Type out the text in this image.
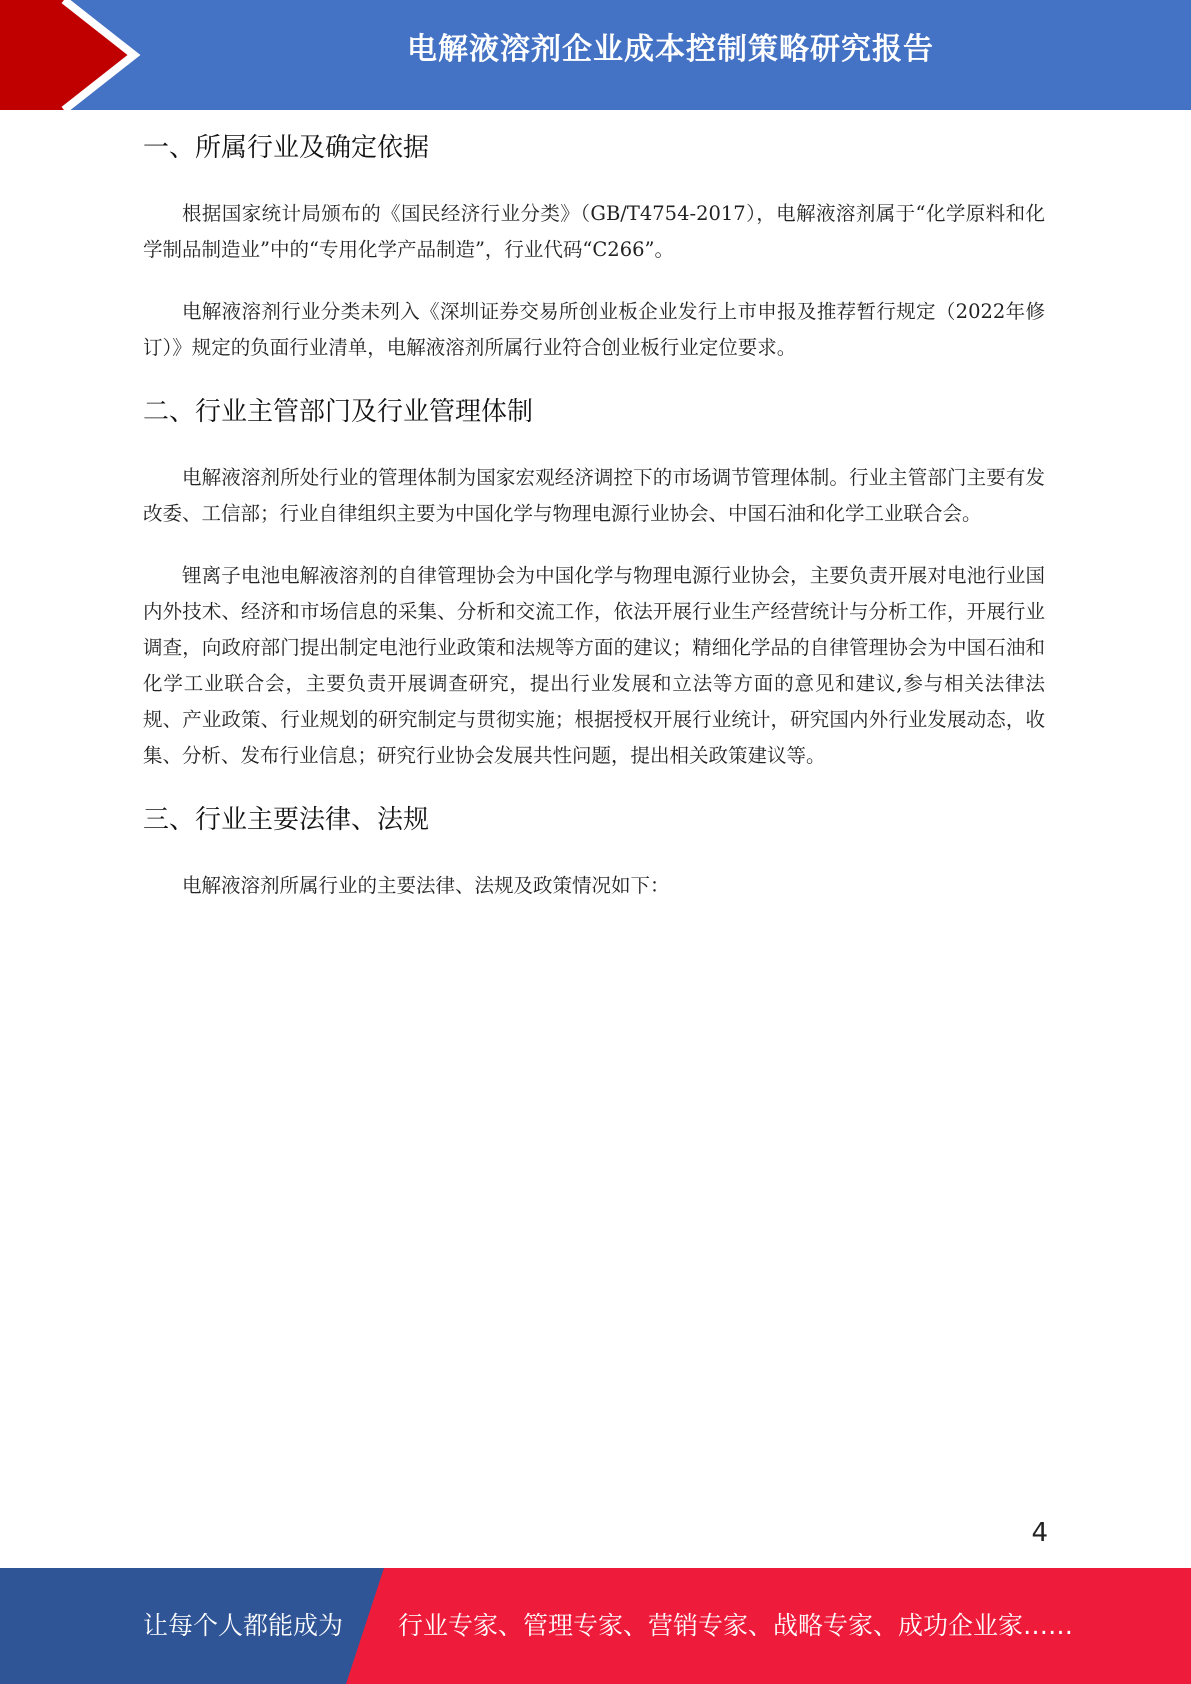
电解液溶剂企业成本控制策略研究报告
一、所属行业及确定依据

根据国家统计局颁布的《国民经济行业分类》（GB/T4754-2017），电解液溶剂属于“化学原料和化学制品制造业”中的“专用化学产品制造”，行业代码“C266”。

电解液溶剂行业分类未列入《深圳证券交易所创业板企业发行上市申报及推荐暂行规定（2022年修订）》规定的负面行业清单，电解液溶剂所属行业符合创业板行业定位要求。

二、行业主管部门及行业管理体制

电解液溶剂所处行业的管理体制为国家宏观经济调控下的市场调节管理体制。行业主管部门主要有发改委、工信部；行业自律组织主要为中国化学与物理电源行业协会、中国石油和化学工业联合会。

锂离子电池电解液溶剂的自律管理协会为中国化学与物理电源行业协会，主要负责开展对电池行业国内外技术、经济和市场信息的采集、分析和交流工作，依法开展行业生产经营统计与分析工作，开展行业调查，向政府部门提出制定电池行业政策和法规等方面的建议；精细化学品的自律管理协会为中国石油和化学工业联合会，主要负责开展调查研究，提出行业发展和立法等方面的意见和建议,参与相关法律法规、产业政策、行业规划的研究制定与贯彻实施；根据授权开展行业统计，研究国内外行业发展动态，收集、分析、发布行业信息；研究行业协会发展共性问题，提出相关政策建议等。

三、行业主要法律、法规

电解液溶剂所属行业的主要法律、法规及政策情况如下：

4
让每个人都能成为 行业专家、管理专家、营销专家、战略专家、成功企业家……
